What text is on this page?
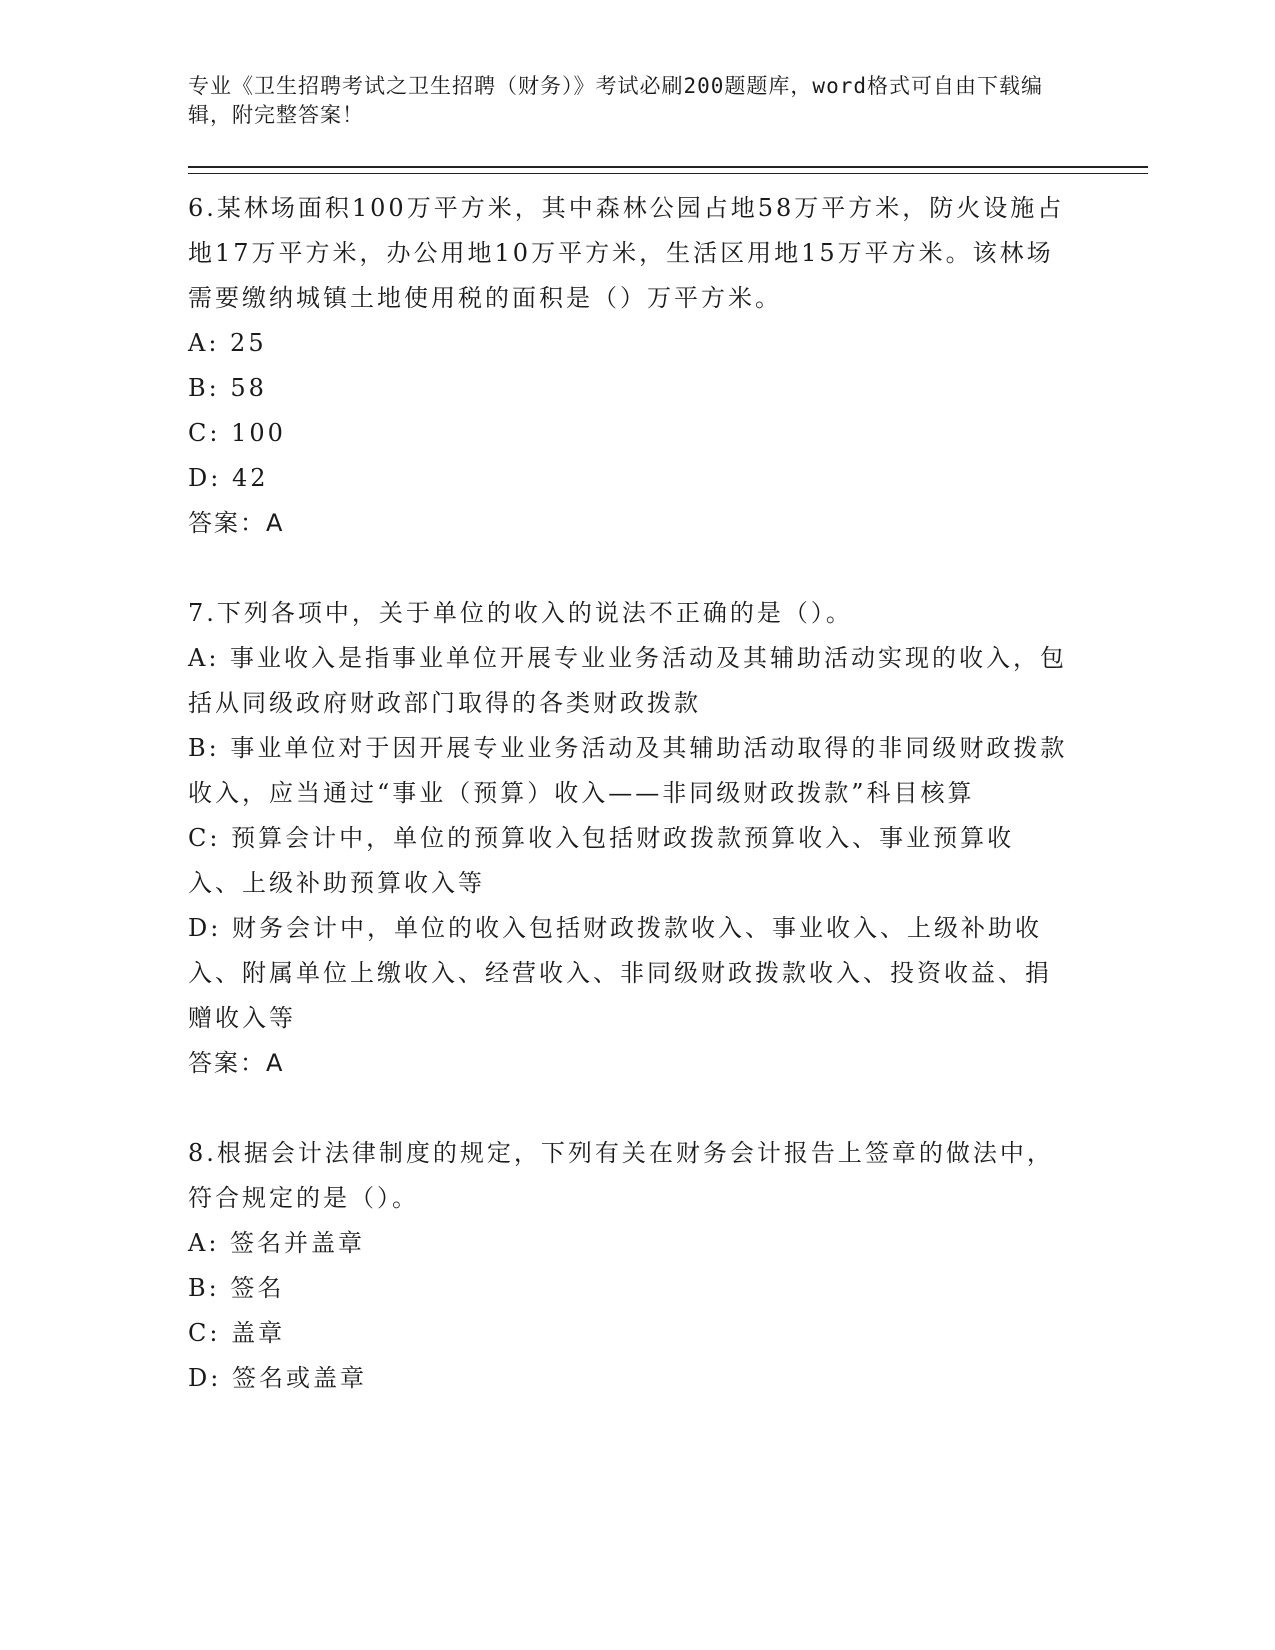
专业《卫生招聘考试之卫生招聘（财务）》考试必刷200题题库，word格式可自由下载编辑，附完整答案！
6.某林场面积100万平方米，其中森林公园占地58万平方米，防火设施占地17万平方米，办公用地10万平方米，生活区用地15万平方米。该林场需要缴纳城镇土地使用税的面积是（）万平方米。
A: 25
B: 58
C: 100
D: 42
答案：A
7.下列各项中，关于单位的收入的说法不正确的是（）。
A: 事业收入是指事业单位开展专业业务活动及其辅助活动实现的收入，包括从同级政府财政部门取得的各类财政拨款
B: 事业单位对于因开展专业业务活动及其辅助活动取得的非同级财政拨款收入，应当通过“事业（预算）收入——非同级财政拨款”科目核算
C: 预算会计中，单位的预算收入包括财政拨款预算收入、事业预算收入、上级补助预算收入等
D: 财务会计中，单位的收入包括财政拨款收入、事业收入、上级补助收入、附属单位上缴收入、经营收入、非同级财政拨款收入、投资收益、捐赠收入等
答案：A
8.根据会计法律制度的规定，下列有关在财务会计报告上签章的做法中，符合规定的是（）。
A: 签名并盖章
B: 签名
C: 盖章
D: 签名或盖章
